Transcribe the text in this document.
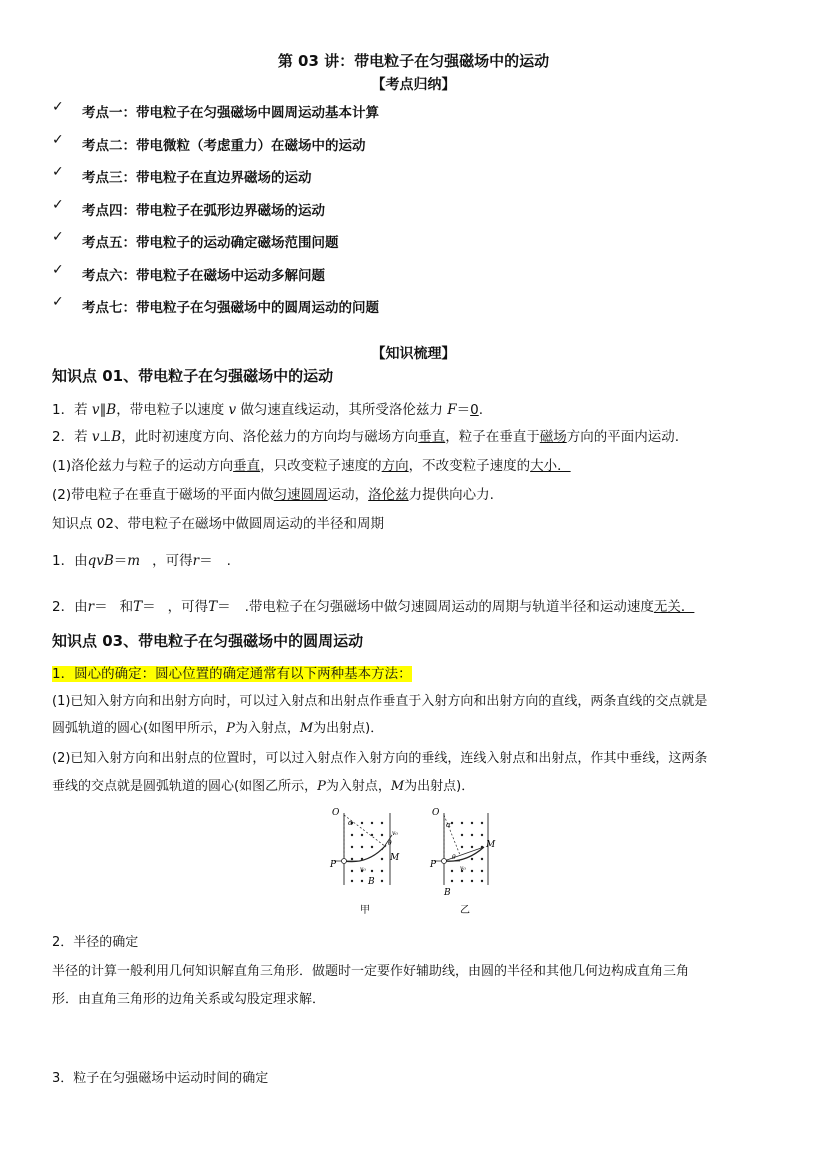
第 03 讲：带电粒子在匀强磁场中的运动
【考点归纳】
✓ 考点一：带电粒子在匀强磁场中圆周运动基本计算
✓ 考点二：带电微粒（考虑重力）在磁场中的运动
✓ 考点三：带电粒子在直边界磁场的运动
✓ 考点四：带电粒子在弧形边界磁场的运动
✓ 考点五：带电粒子的运动确定磁场范围问题
✓ 考点六：带电粒子在磁场中运动多解问题
✓ 考点七：带电粒子在匀强磁场中的圆周运动的问题
【知识梳理】
知识点 01、带电粒子在匀强磁场中的运动
1．若 v∥B，带电粒子以速度 v 做匀速直线运动，其所受洛伦兹力 F＝0.
2．若 v⊥B，此时初速度方向、洛伦兹力的方向均与磁场方向垂直，粒子在垂直于磁场方向的平面内运动.
(1)洛伦兹力与粒子的运动方向垂直，只改变粒子速度的方向，不改变粒子速度的大小．
(2)带电粒子在垂直于磁场的平面内做匀速圆周运动，洛伦兹力提供向心力.
知识点 02、带电粒子在磁场中做圆周运动的半径和周期
1．由qvB＝m ，可得r＝ .
2．由r＝ 和T＝ ，可得T＝ .带电粒子在匀强磁场中做匀速圆周运动的周期与轨道半径和运动速度无关．
知识点 03、带电粒子在匀强磁场中的圆周运动
1．圆心的确定：圆心位置的确定通常有以下两种基本方法：
(1)已知入射方向和出射方向时，可以过入射点和出射点作垂直于入射方向和出射方向的直线，两条直线的交点就是
圆弧轨道的圆心(如图甲所示，P为入射点，M为出射点)．
(2)已知入射方向和出射点的位置时，可以过入射点作入射方向的垂线，连线入射点和出射点，作其中垂线，这两条
垂线的交点就是圆弧轨道的圆心(如图乙所示，P为入射点，M为出射点)．
O
α
v₀
θ
M
P	v₀
B
甲
O
α
θ
M
P	v₀
B
乙
2．半径的确定
半径的计算一般利用几何知识解直角三角形．做题时一定要作好辅助线，由圆的半径和其他几何边构成直角三角
形．由直角三角形的边角关系或勾股定理求解．
3．粒子在匀强磁场中运动时间的确定
